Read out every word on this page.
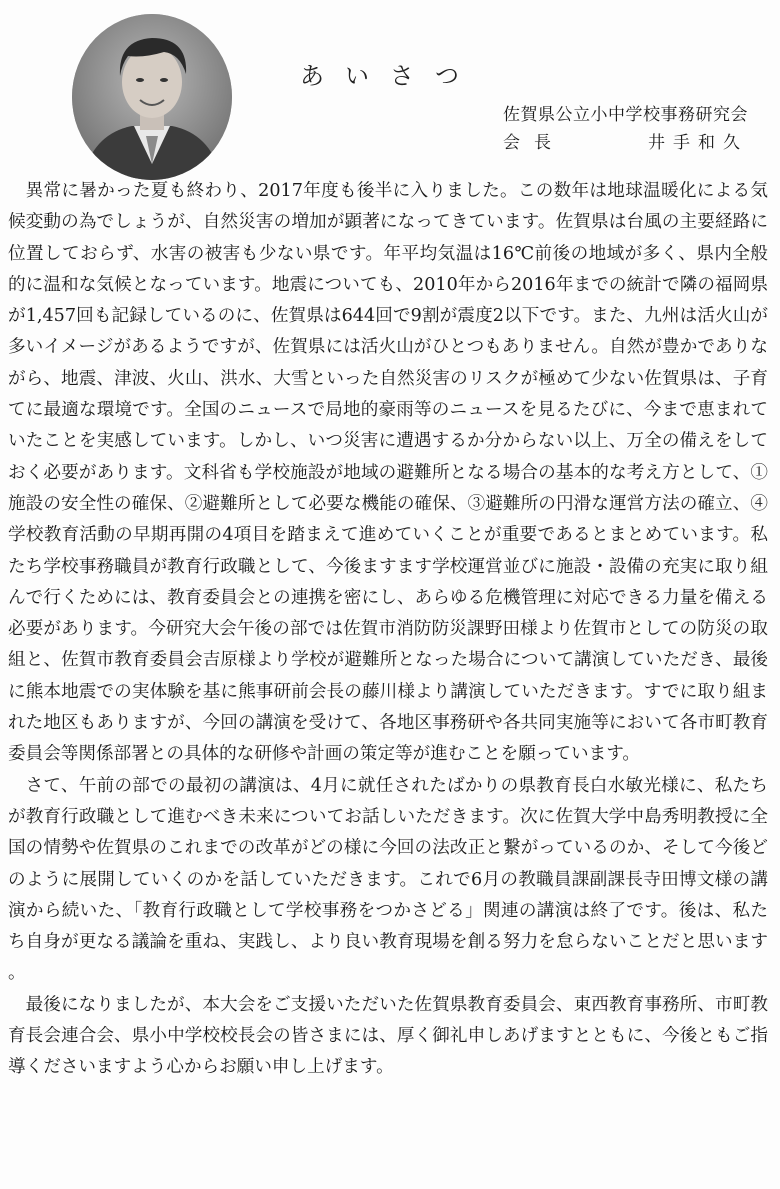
あいさつ
佐賀県公立小中学校事務研究会
会長	井手和久

異常に暑かった夏も終わり、2017年度も後半に入りました。この数年は地球温暖化による気候変動の為でしょうが、自然災害の増加が顕著になってきています。佐賀県は台風の主要経路に位置しておらず、水害の被害も少ない県です。年平均気温は16℃前後の地域が多く、県内全般的に温和な気候となっています。地震についても、2010年から2016年までの統計で隣の福岡県が1,457回も記録しているのに、佐賀県は644回で9割が震度2以下です。また、九州は活火山が多いイメージがあるようですが、佐賀県には活火山がひとつもありません。自然が豊かでありながら、地震、津波、火山、洪水、大雪といった自然災害のリスクが極めて少ない佐賀県は、子育てに最適な環境です。全国のニュースで局地的豪雨等のニュースを見るたびに、今まで恵まれていたことを実感しています。しかし、いつ災害に遭遇するか分からない以上、万全の備えをしておく必要があります。文科省も学校施設が地域の避難所となる場合の基本的な考え方として、①施設の安全性の確保、②避難所として必要な機能の確保、③避難所の円滑な運営方法の確立、④学校教育活動の早期再開の4項目を踏まえて進めていくことが重要であるとまとめています。私たち学校事務職員が教育行政職として、今後ますます学校運営並びに施設・設備の充実に取り組んで行くためには、教育委員会との連携を密にし、あらゆる危機管理に対応できる力量を備える必要があります。今研究大会午後の部では佐賀市消防防災課野田様より佐賀市としての防災の取組と、佐賀市教育委員会吉原様より学校が避難所となった場合について講演していただき、最後に熊本地震での実体験を基に熊事研前会長の藤川様より講演していただきます。すでに取り組まれた地区もありますが、今回の講演を受けて、各地区事務研や各共同実施等において各市町教育委員会等関係部署との具体的な研修や計画の策定等が進むことを願っています。

さて、午前の部での最初の講演は、4月に就任されたばかりの県教育長白水敏光様に、私たちが教育行政職として進むべき未来についてお話しいただきます。次に佐賀大学中島秀明教授に全国の情勢や佐賀県のこれまでの改革がどの様に今回の法改正と繋がっているのか、そして今後どのように展開していくのかを話していただきます。これで6月の教職員課副課長寺田博文様の講演から続いた、「教育行政職として学校事務をつかさどる」関連の講演は終了です。後は、私たち自身が更なる議論を重ね、実践し、より良い教育現場を創る努力を怠らないことだと思います。

最後になりましたが、本大会をご支援いただいた佐賀県教育委員会、東西教育事務所、市町教育長会連合会、県小中学校校長会の皆さまには、厚く御礼申しあげますとともに、今後ともご指導くださいますよう心からお願い申し上げます。
